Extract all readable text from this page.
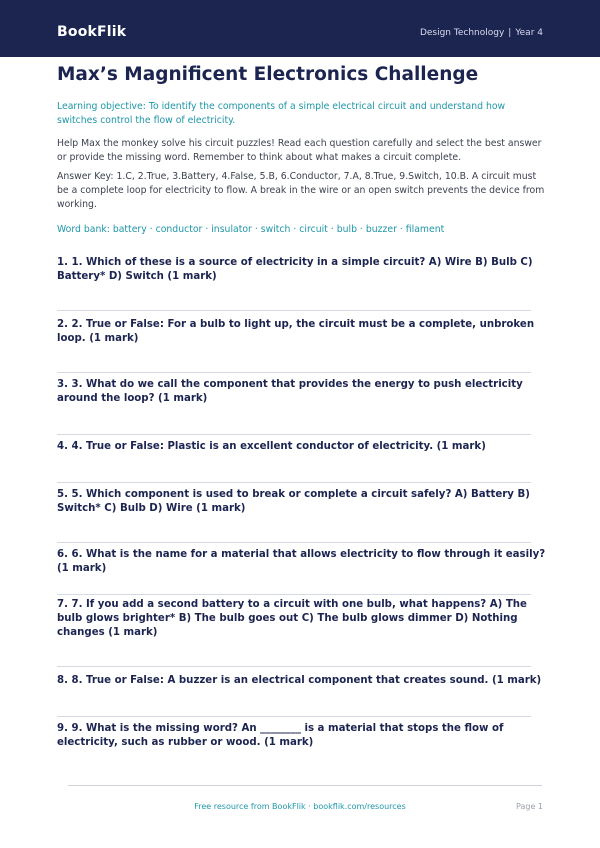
BookFlik	Design Technology | Year 4
Max’s Magnificent Electronics Challenge

Learning objective: To identify the components of a simple electrical circuit and understand how switches control the flow of electricity.

Help Max the monkey solve his circuit puzzles! Read each question carefully and select the best answer or provide the missing word. Remember to think about what makes a circuit complete.

Answer Key: 1.C, 2.True, 3.Battery, 4.False, 5.B, 6.Conductor, 7.A, 8.True, 9.Switch, 10.B. A circuit must be a complete loop for electricity to flow. A break in the wire or an open switch prevents the device from working.

Word bank: battery · conductor · insulator · switch · circuit · bulb · buzzer · filament

1. 1. Which of these is a source of electricity in a simple circuit? A) Wire B) Bulb C) Battery* D) Switch (1 mark)

2. 2. True or False: For a bulb to light up, the circuit must be a complete, unbroken loop. (1 mark)

3. 3. What do we call the component that provides the energy to push electricity around the loop? (1 mark)

4. 4. True or False: Plastic is an excellent conductor of electricity. (1 mark)

5. 5. Which component is used to break or complete a circuit safely? A) Battery B) Switch* C) Bulb D) Wire (1 mark)

6. 6. What is the name for a material that allows electricity to flow through it easily? (1 mark)

7. 7. If you add a second battery to a circuit with one bulb, what happens? A) The bulb glows brighter* B) The bulb goes out C) The bulb glows dimmer D) Nothing changes (1 mark)

8. 8. True or False: A buzzer is an electrical component that creates sound. (1 mark)

9. 9. What is the missing word? An ________ is a material that stops the flow of electricity, such as rubber or wood. (1 mark)

Free resource from BookFlik · bookflik.com/resources	Page 1
